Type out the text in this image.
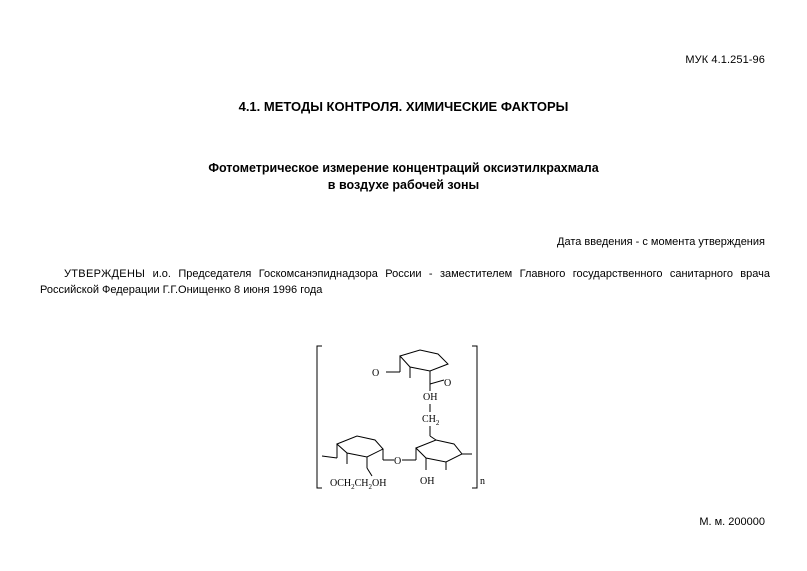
МУК 4.1.251-96
4.1. МЕТОДЫ КОНТРОЛЯ. ХИМИЧЕСКИЕ ФАКТОРЫ
Фотометрическое измерение концентраций оксиэтилкрахмала
в воздухе рабочей зоны
Дата введения - с момента утверждения
УТВЕРЖДЕНЫ и.о. Председателя Госкомсанэпиднадзора России - заместителем Главного государственного санитарного врача Российской Федерации Г.Г.Онищенко 8 июня 1996 года
O
O
OH
$CH_2$
O
$OCH_2CH_2OH$	OH	n
М. м. 200000
